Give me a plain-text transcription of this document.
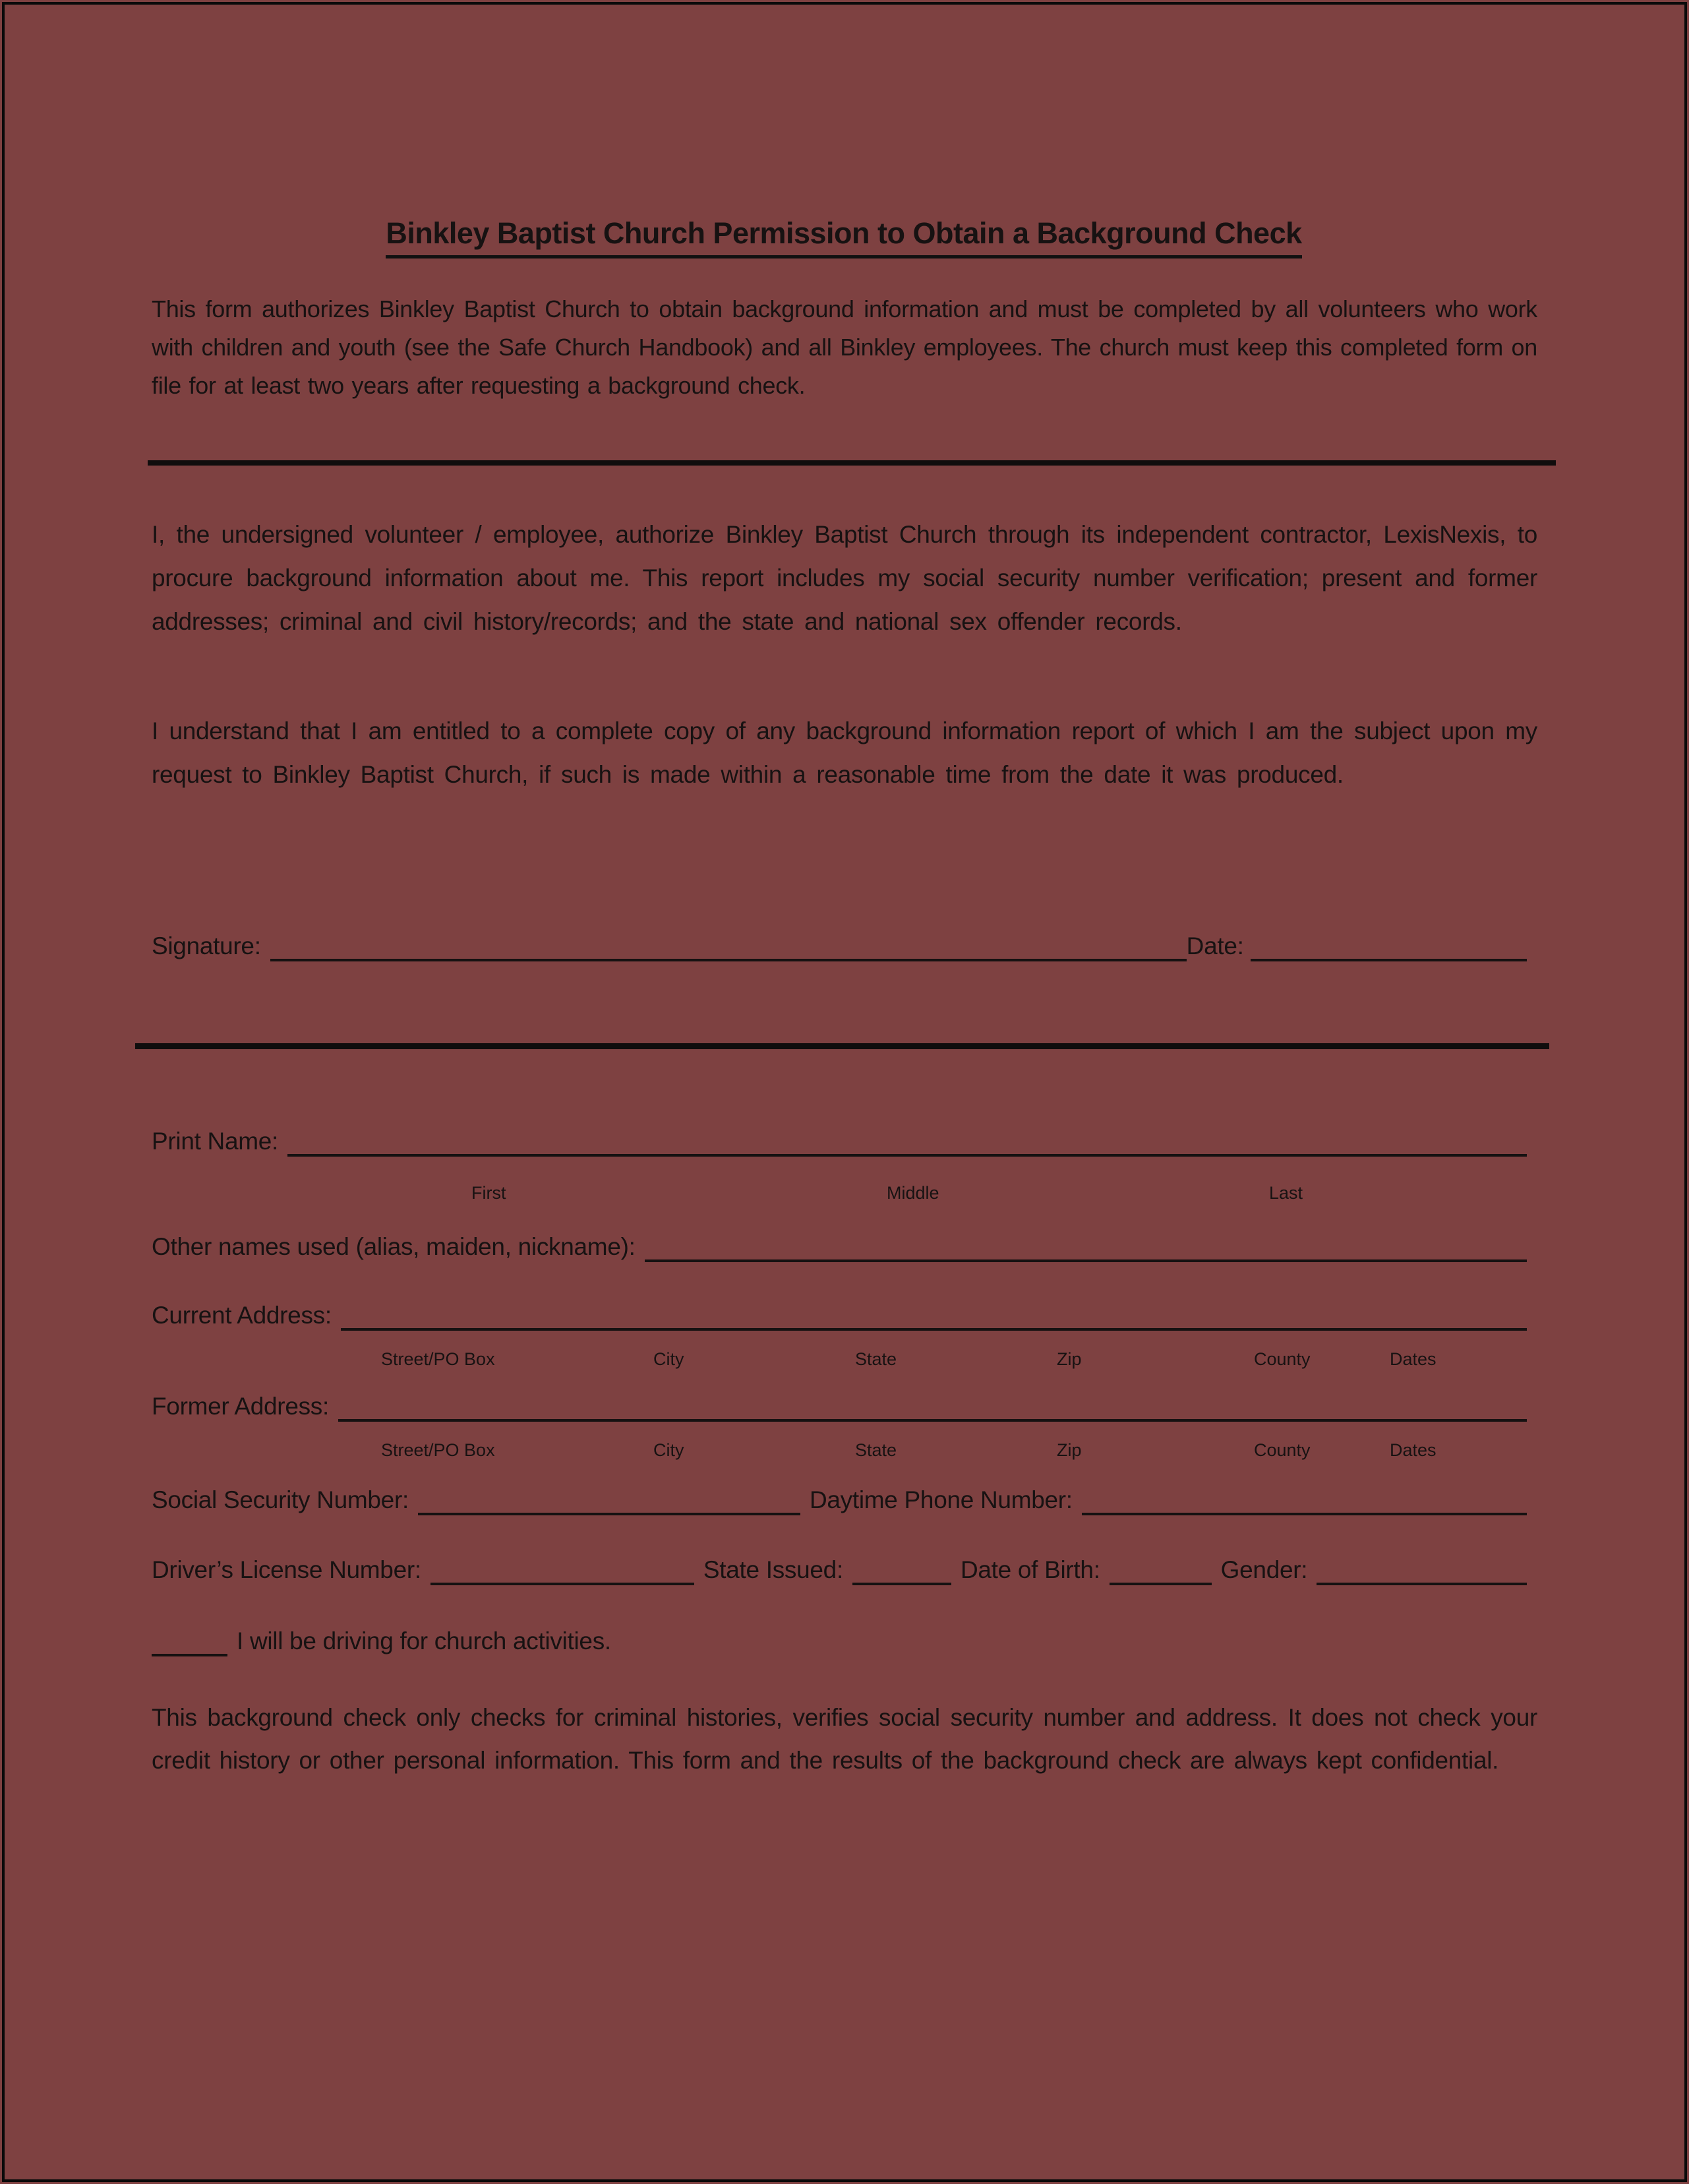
Binkley Baptist Church Permission to Obtain a Background Check

This form authorizes Binkley Baptist Church to obtain background information and must be completed by all volunteers who work with children and youth (see the Safe Church Handbook) and all Binkley employees. The church must keep this completed form on file for at least two years after requesting a background check.

I, the undersigned volunteer / employee, authorize Binkley Baptist Church through its independent contractor, LexisNexis, to procure background information about me. This report includes my social security number verification; present and former addresses; criminal and civil history/records; and the state and national sex offender records.

I understand that I am entitled to a complete copy of any background information report of which I am the subject upon my request to Binkley Baptist Church, if such is made within a reasonable time from the date it was produced.

Signature:	Date:
Print Name:
First	Middle	Last
Other names used (alias, maiden, nickname):
Current Address:
Street/PO Box	City	State	Zip	County	Dates
Former Address:
Street/PO Box	City	State	Zip	County	Dates
Social Security Number:	Daytime Phone Number:
Driver’s License Number:	State Issued:	Date of Birth:	Gender:
I will be driving for church activities.

This background check only checks for criminal histories, verifies social security number and address. It does not check your credit history or other personal information. This form and the results of the background check are always kept confidential.
